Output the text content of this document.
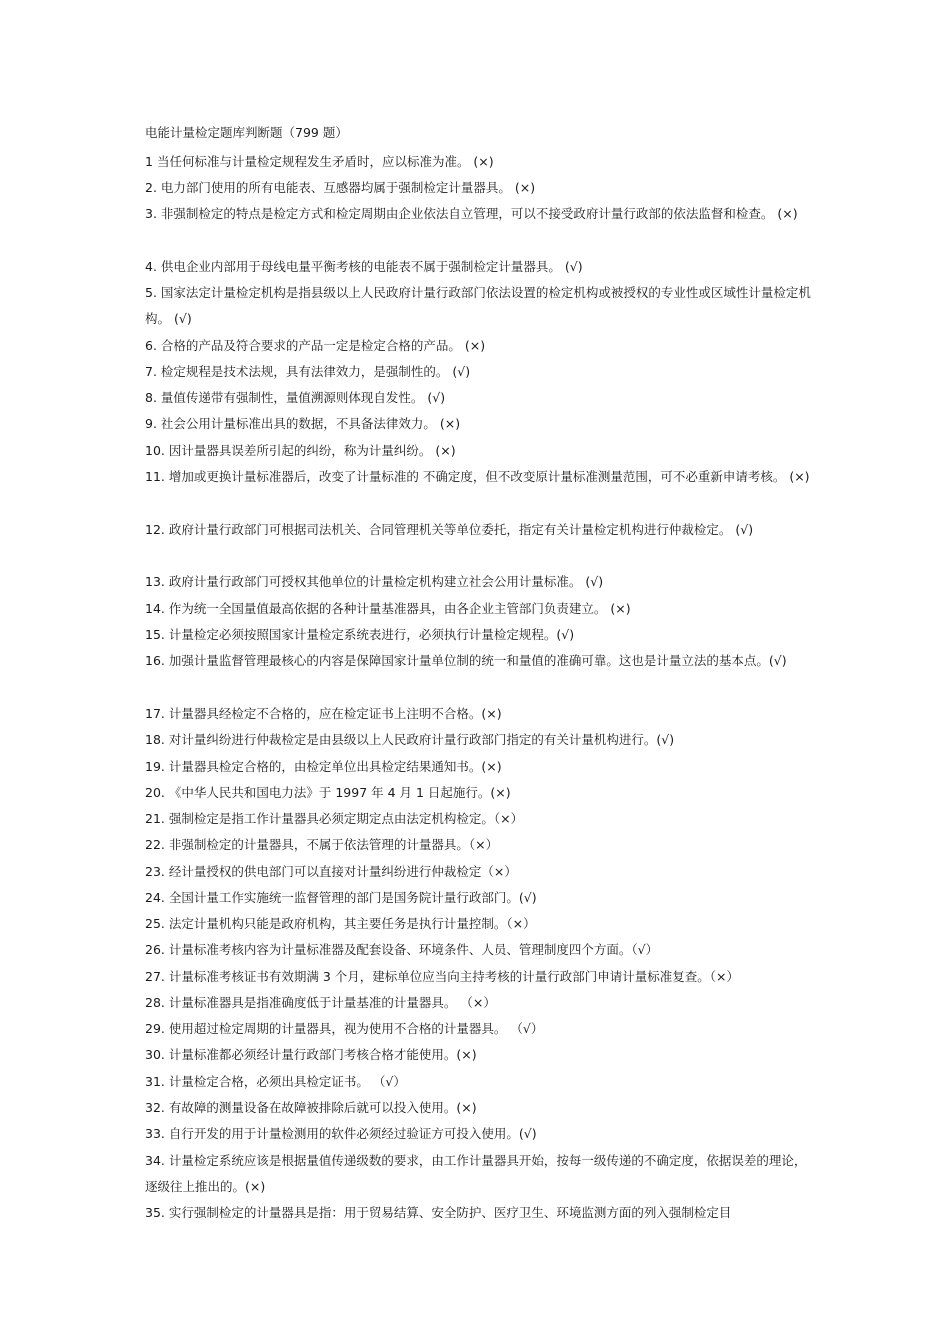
电能计量检定题库判断题（799 题）
1 当任何标准与计量检定规程发生矛盾时，应以标准为准。 (×)
2. 电力部门使用的所有电能表、互感器均属于强制检定计量器具。 (×)
3. 非强制检定的特点是检定方式和检定周期由企业依法自立管理，可以不接受政府计量行政部的依法监督和检查。 (×)
4. 供电企业内部用于母线电量平衡考核的电能表不属于强制检定计量器具。 (√)
5. 国家法定计量检定机构是指县级以上人民政府计量行政部门依法设置的检定机构或被授权的专业性或区域性计量检定机构。 (√)
6. 合格的产品及符合要求的产品一定是检定合格的产品。 (×)
7. 检定规程是技术法规，具有法律效力，是强制性的。 (√)
8. 量值传递带有强制性，量值溯源则体现自发性。 (√)
9. 社会公用计量标准出具的数据，不具备法律效力。 (×)
10. 因计量器具误差所引起的纠纷，称为计量纠纷。 (×)
11. 增加或更换计量标准器后，改变了计量标准的 不确定度，但不改变原计量标准测量范围，可不必重新申请考核。 (×)
12. 政府计量行政部门可根据司法机关、合同管理机关等单位委托，指定有关计量检定机构进行仲裁检定。 (√)
13. 政府计量行政部门可授权其他单位的计量检定机构建立社会公用计量标准。 (√)
14. 作为统一全国量值最高依据的各种计量基准器具，由各企业主管部门负责建立。 (×)
15. 计量检定必须按照国家计量检定系统表进行，必须执行计量检定规程。(√)
16. 加强计量监督管理最核心的内容是保障国家计量单位制的统一和量值的准确可靠。这也是计量立法的基本点。(√)
17. 计量器具经检定不合格的，应在检定证书上注明不合格。(×)
18. 对计量纠纷进行仲裁检定是由县级以上人民政府计量行政部门指定的有关计量机构进行。(√)
19. 计量器具检定合格的，由检定单位出具检定结果通知书。(×)
20. 《中华人民共和国电力法》于 1997 年 4 月 1 日起施行。(×)
21. 强制检定是指工作计量器具必须定期定点由法定机构检定。（×）
22. 非强制检定的计量器具，不属于依法管理的计量器具。（×）
23. 经计量授权的供电部门可以直接对计量纠纷进行仲裁检定（×）
24. 全国计量工作实施统一监督管理的部门是国务院计量行政部门。(√)
25. 法定计量机构只能是政府机构，其主要任务是执行计量控制。（×）
26. 计量标准考核内容为计量标准器及配套设备、环境条件、人员、管理制度四个方面。（√）
27. 计量标准考核证书有效期满 3 个月，建标单位应当向主持考核的计量行政部门申请计量标准复查。（×）
28. 计量标准器具是指准确度低于计量基准的计量器具。 （×）
29. 使用超过检定周期的计量器具，视为使用不合格的计量器具。 （√）
30. 计量标准都必须经计量行政部门考核合格才能使用。(×)
31. 计量检定合格，必须出具检定证书。 （√）
32. 有故障的测量设备在故障被排除后就可以投入使用。(×)
33. 自行开发的用于计量检测用的软件必须经过验证方可投入使用。(√)
34. 计量检定系统应该是根据量值传递级数的要求，由工作计量器具开始，按每一级传递的不确定度，依据误差的理论，逐级往上推出的。(×)
35. 实行强制检定的计量器具是指：用于贸易结算、安全防护、医疗卫生、环境监测方面的列入强制检定目
